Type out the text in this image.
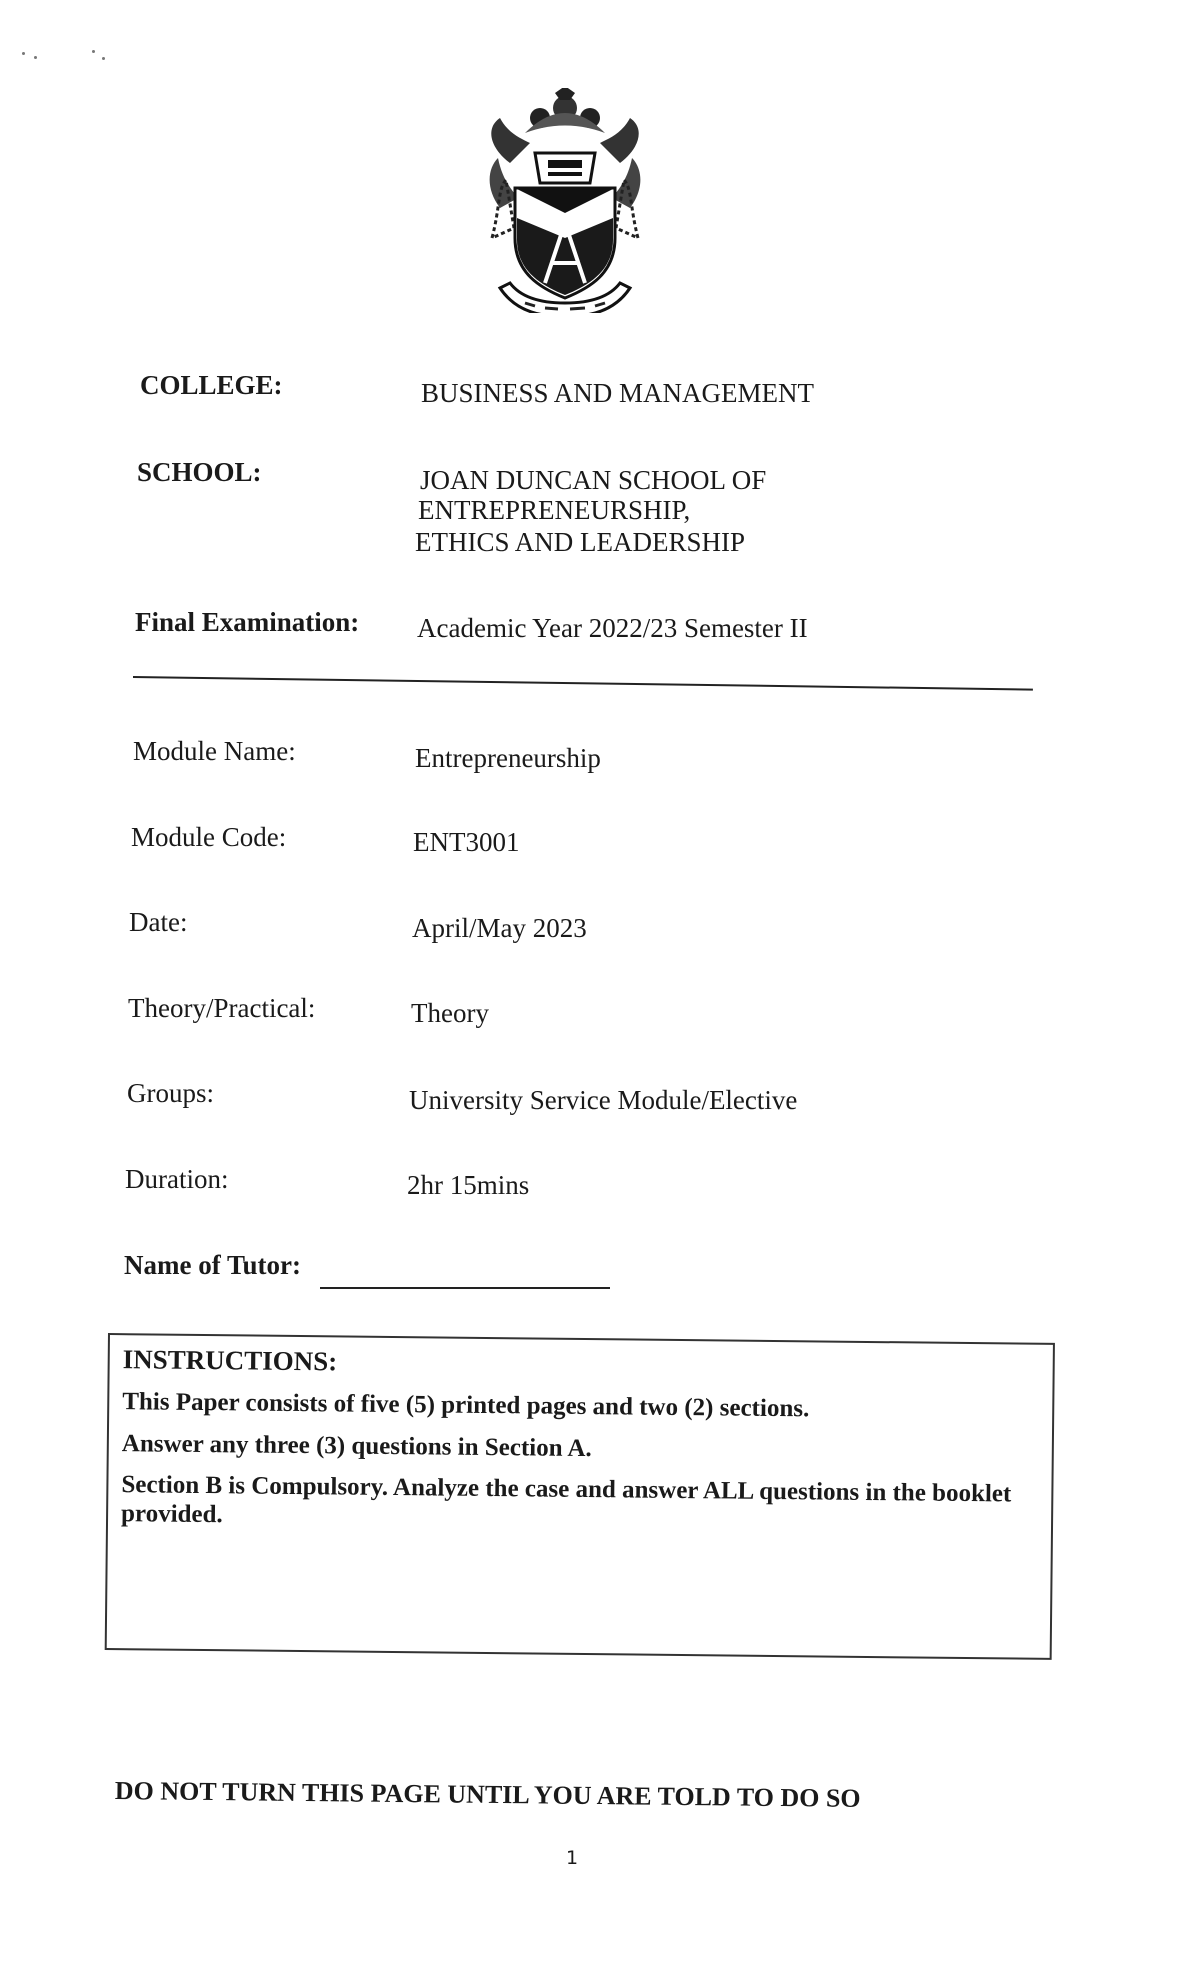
COLLEGE:	BUSINESS AND MANAGEMENT
SCHOOL:	JOAN DUNCAN SCHOOL OF
ENTREPRENEURSHIP,
ETHICS AND LEADERSHIP
Final Examination: Academic Year 2022/23 Semester II
Module Name:	Entrepreneurship
Module Code:	ENT3001
Date:	April/May 2023
Theory/Practical:	Theory
Groups:	University Service Module/Elective
Duration:	2hr 15mins
Name of Tutor:
INSTRUCTIONS:
This Paper consists of five (5) printed pages and two (2) sections.
Answer any three (3) questions in Section A.
Section B is Compulsory. Analyze the case and answer ALL questions in the booklet provided.
DO NOT TURN THIS PAGE UNTIL YOU ARE TOLD TO DO SO
1
